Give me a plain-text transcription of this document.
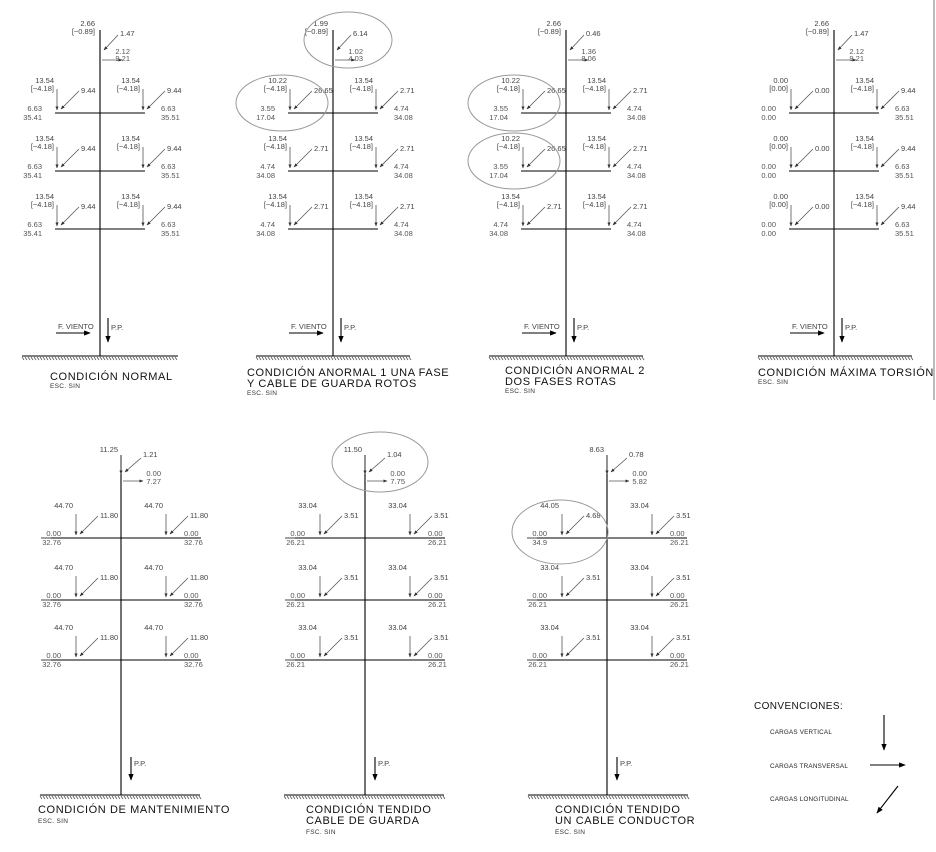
2.66
[−0.89]	1.47
2.12
9.21
13.54
[−4.18]	9.44
6.63
35.41
13.54
[−4.18]	9.44
6.63
35.51
13.54
[−4.18]	9.44
6.63
35.41
13.54
[−4.18]	9.44
6.63
35.51
13.54
[−4.18]	9.44
6.63
35.41
13.54
[−4.18]	9.44
6.63
35.51
F. VIENTO P.P.
CONDICIÓN NORMAL
ESC. SIN
1.99
[−0.89]	6.14
1.02
4.03
10.22
[−4.18]	26.65
3.55
17.04
13.54
[−4.18]	2.71
4.74
34.08
13.54
[−4.18]	2.71
4.74
34.08
13.54
[−4.18]	2.71
4.74
34.08
13.54
[−4.18]	2.71
4.74
34.08
13.54
[−4.18]	2.71
4.74
34.08
F. VIENTO P.P.
CONDICIÓN ANORMAL 1 UNA FASE
Y CABLE DE GUARDA ROTOS
ESC. SIN
2.66
[−0.89]	0.46
1.36
8.06
10.22
[−4.18]	26.65
3.55
17.04
13.54
[−4.18]	2.71
4.74
34.08
10.22
[−4.18]	26.65
3.55
17.04
13.54
[−4.18]	2.71
4.74
34.08
13.54
[−4.18]	2.71
4.74
34.08
13.54
[−4.18]	2.71
4.74
34.08
F. VIENTO P.P.
CONDICIÓN ANORMAL 2
DOS FASES ROTAS
ESC. SIN
2.66
[−0.89]	1.47
2.12
9.21
0.00
[0.00]	0.00
0.00
0.00
13.54
[−4.18]	9.44
6.63
35.51
0.00
[0.00]	0.00
0.00
0.00
13.54
[−4.18]	9.44
6.63
35.51
0.00
[0.00]	0.00
0.00
0.00
13.54
[−4.18]	9.44
6.63
35.51
F. VIENTO P.P.
CONDICIÓN MÁXIMA TORSIÓN
ESC. SIN
11.25
1.21
0.00
7.27
44.70
11.80
0.00
32.76
44.70
11.80
0.00
32.76
44.70
11.80
0.00
32.76
44.70
11.80
0.00
32.76
44.70
11.80
0.00
32.76
44.70
11.80
0.00
32.76
P.P.
CONDICIÓN DE MANTENIMIENTO
ESC. SIN
11.50
1.04
0.00
7.75
33.04
3.51
0.00
26.21
33.04
3.51
0.00
26.21
33.04
3.51
0.00
26.21
33.04
3.51
0.00
26.21
33.04
3.51
0.00
26.21
33.04
3.51
0.00
26.21
P.P.
CONDICIÓN TENDIDO
CABLE DE GUARDA
FSC. SIN
8.63
0.78
0.00
5.82
44.05
4.68
0.00
34.9
33.04
3.51
0.00
26.21
33.04
3.51
0.00
26.21
33.04
3.51
0.00
26.21
33.04
3.51
0.00
26.21
33.04
3.51
0.00
26.21
P.P.
CONDICIÓN TENDIDO
UN CABLE CONDUCTOR
ESC. SIN
CONVENCIONES:
CARGAS VERTICAL
CARGAS TRANSVERSAL
CARGAS LONGITUDINAL
